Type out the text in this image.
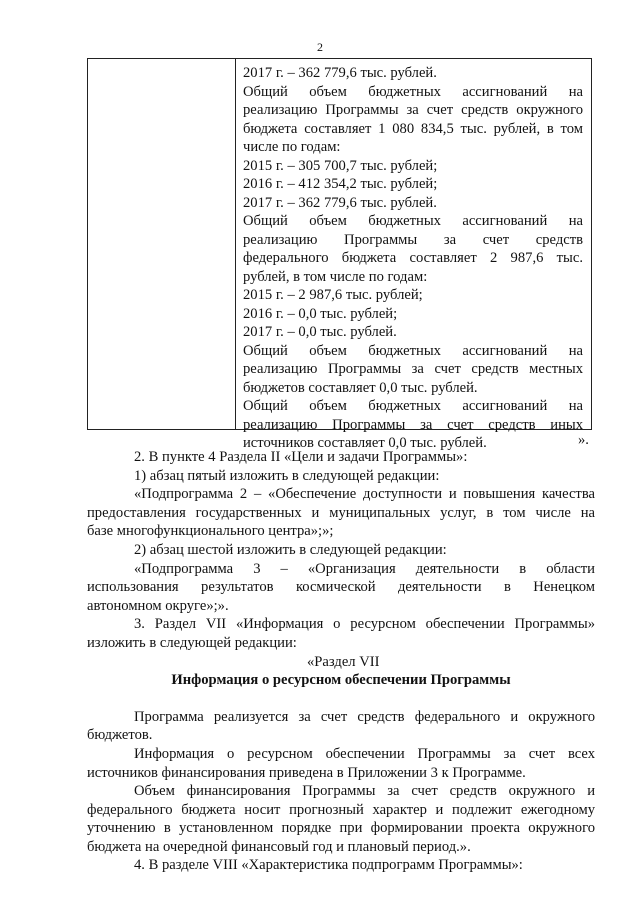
2
2017 г. – 362 779,6 тыс. рублей.
Общий объем бюджетных ассигнований на
реализацию Программы за счет средств окружного
бюджета составляет 1 080 834,5 тыс. рублей, в том
числе по годам:
2015 г. – 305 700,7 тыс. рублей;
2016 г. – 412 354,2 тыс. рублей;
2017 г. – 362 779,6 тыс. рублей.
Общий объем бюджетных ассигнований на
реализацию Программы за счет средств
федерального бюджета составляет 2 987,6 тыс.
рублей, в том числе по годам:
2015 г. – 2 987,6 тыс. рублей;
2016 г. – 0,0 тыс. рублей;
2017 г. – 0,0 тыс. рублей.
Общий объем бюджетных ассигнований на
реализацию Программы за счет средств местных
бюджетов составляет 0,0 тыс. рублей.
Общий объем бюджетных ассигнований на
реализацию Программы за счет средств иных
источников составляет 0,0 тыс. рублей.	».
2. В пункте 4 Раздела II «Цели и задачи Программы»:
1) абзац пятый изложить в следующей редакции:
«Подпрограмма 2 – «Обеспечение доступности и повышения качества
предоставления государственных и муниципальных услуг, в том числе на
базе многофункционального центра»;»;
2) абзац шестой изложить в следующей редакции:
«Подпрограмма 3 – «Организация деятельности в области
использования результатов космической деятельности в Ненецком
автономном округе»;».
3. Раздел VII «Информация о ресурсном обеспечении Программы»
изложить в следующей редакции:
«Раздел VII
Информация о ресурсном обеспечении Программы
Программа реализуется за счет средств федерального и окружного
бюджетов.
Информация о ресурсном обеспечении Программы за счет всех
источников финансирования приведена в Приложении 3 к Программе.
Объем финансирования Программы за счет средств окружного и
федерального бюджета носит прогнозный характер и подлежит ежегодному
уточнению в установленном порядке при формировании проекта окружного
бюджета на очередной финансовый год и плановый период.».
4. В разделе VIII «Характеристика подпрограмм Программы»:
